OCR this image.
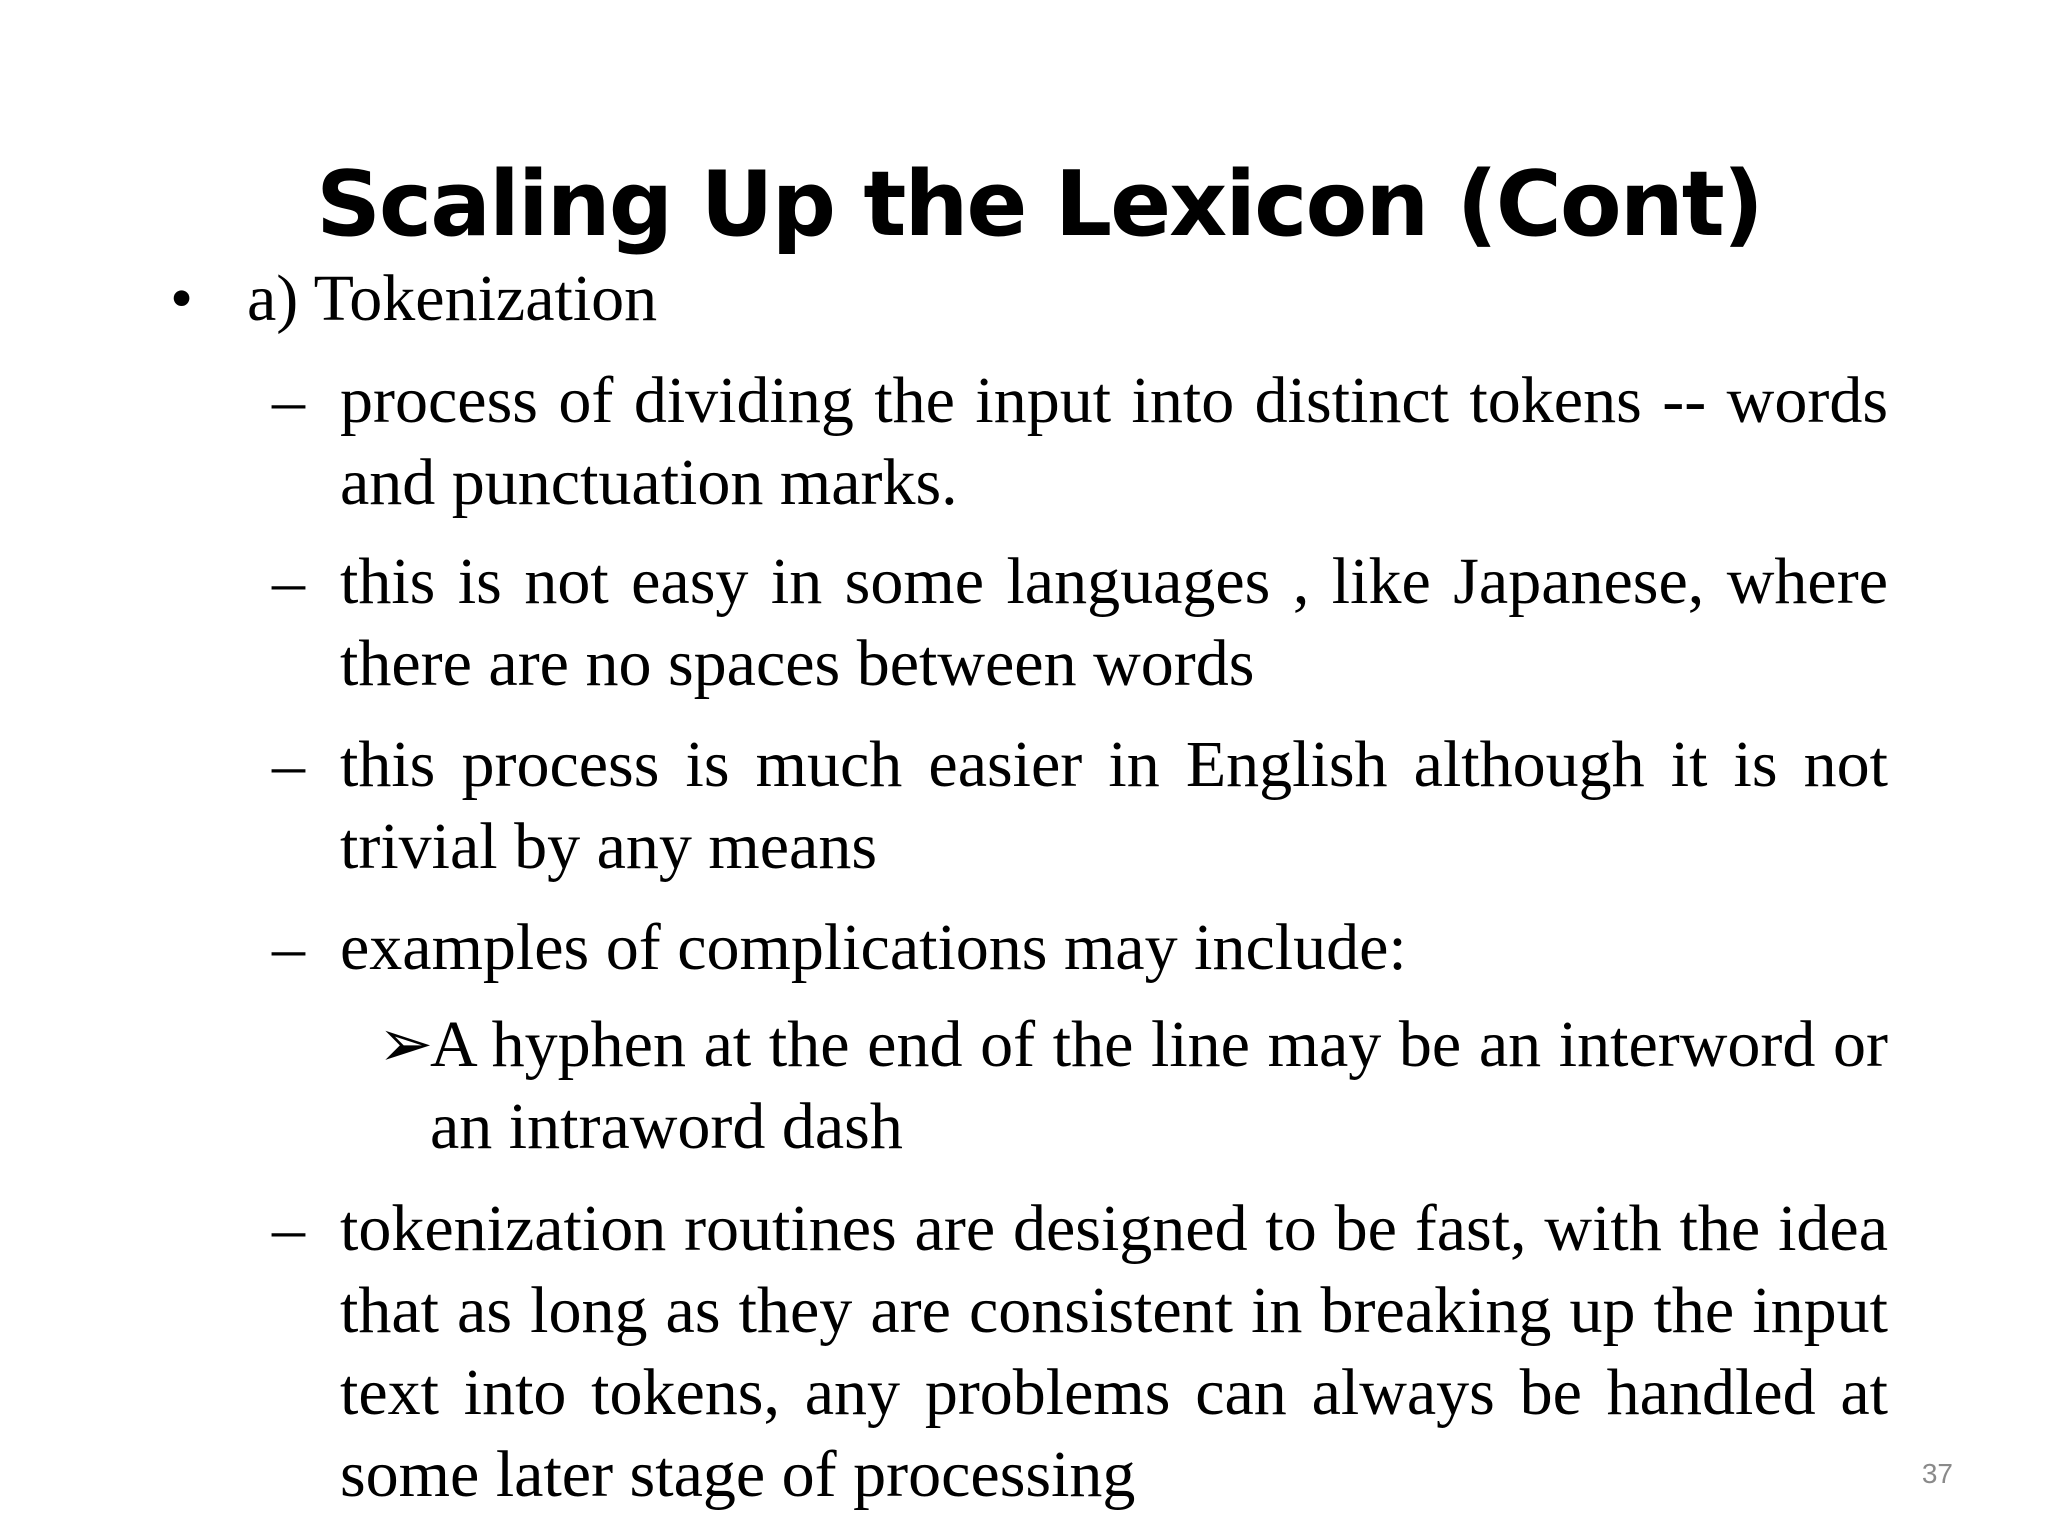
Scaling Up the Lexicon (Cont)
• a) Tokenization
– process of dividing the input into distinct tokens -- words and punctuation marks.
– this is not easy in some languages , like Japanese, where there are no spaces between words
– this process is much easier in English although it is not trivial by any means
– examples of complications may include:
➢
A hyphen at the end of the line may be an interword or an intraword dash
– tokenization routines are designed to be fast, with the idea that as long as they are consistent in breaking up the input text into tokens, any problems can always be handled at some later stage of processing	37
